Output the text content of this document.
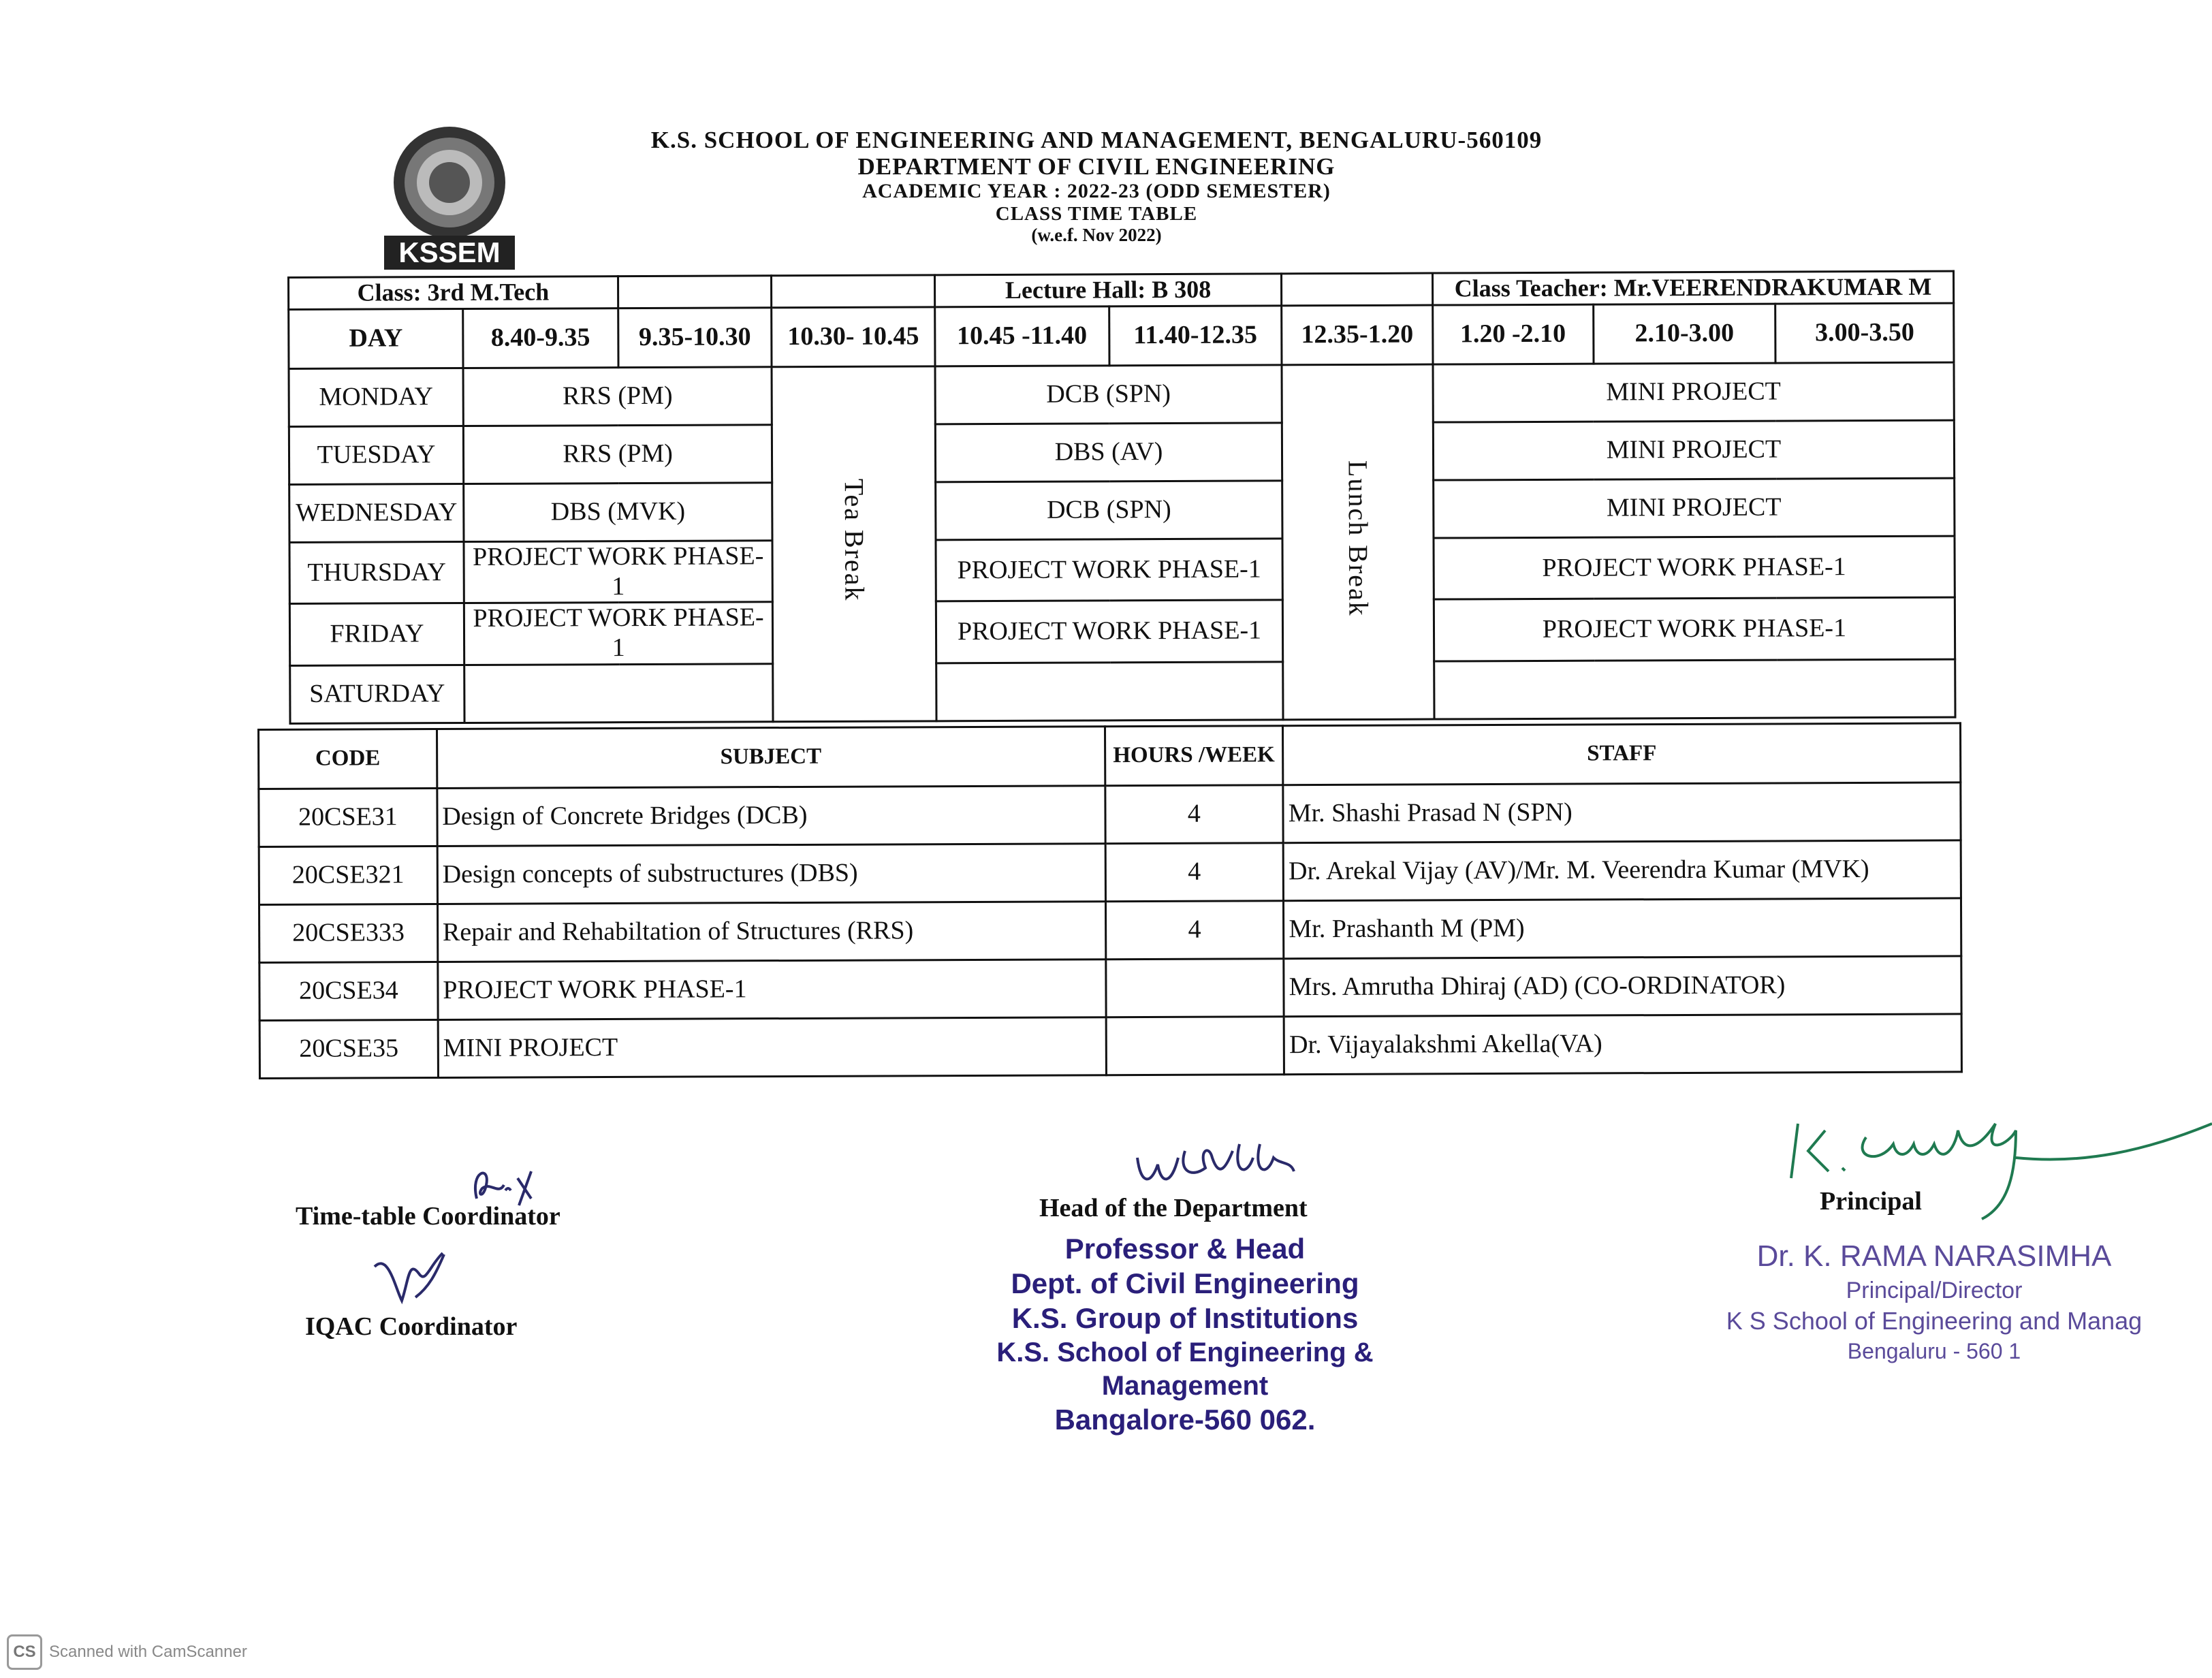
KSSEM
K.S. SCHOOL OF ENGINEERING AND MANAGEMENT, BENGALURU-560109
DEPARTMENT OF CIVIL ENGINEERING
ACADEMIC YEAR : 2022-23 (ODD SEMESTER)
CLASS TIME TABLE
(w.e.f. Nov 2022)
Class: 3rd M.Tech				Lecture Hall: B 308			Class Teacher: Mr.VEERENDRAKUMAR M		
DAY	8.40-9.35	9.35-10.30	10.30- 10.45	10.45 -11.40	11.40-12.35	12.35-1.20	1.20 -2.10	2.10-3.00	3.00-3.50
MONDAY	RRS (PM)		Tea Break	DCB (SPN)		Lunch Break	MINI PROJECT		
TUESDAY	RRS (PM)			DBS (AV)			MINI PROJECT		
WEDNESDAY	DBS (MVK)			DCB (SPN)			MINI PROJECT		
THURSDAY	PROJECT WORK PHASE-1			PROJECT WORK PHASE-1			PROJECT WORK PHASE-1		
FRIDAY	PROJECT WORK PHASE-1			PROJECT WORK PHASE-1			PROJECT WORK PHASE-1		
SATURDAY									
CODE	SUBJECT	HOURS /WEEK	STAFF
20CSE31	Design of Concrete Bridges (DCB)	4	Mr. Shashi Prasad N (SPN)
20CSE321	Design concepts of substructures (DBS)	4	Dr. Arekal Vijay (AV)/Mr. M. Veerendra Kumar (MVK)
20CSE333	Repair and Rehabiltation of Structures (RRS)	4	Mr. Prashanth M (PM)
20CSE34	PROJECT WORK PHASE-1		Mrs. Amrutha Dhiraj (AD) (CO-ORDINATOR)
20CSE35	MINI PROJECT		Dr. Vijayalakshmi Akella(VA)
Time-table Coordinator
IQAC Coordinator
Head of the Department
Professor & Head
Dept. of Civil Engineering
K.S. Group of Institutions
K.S. School of Engineering & Management
Bangalore-560 062.
Principal
Dr. K. RAMA NARASIMHA
Principal/Director
K S School of Engineering and Manag
Bengaluru - 560 1
CS Scanned with CamScanner
